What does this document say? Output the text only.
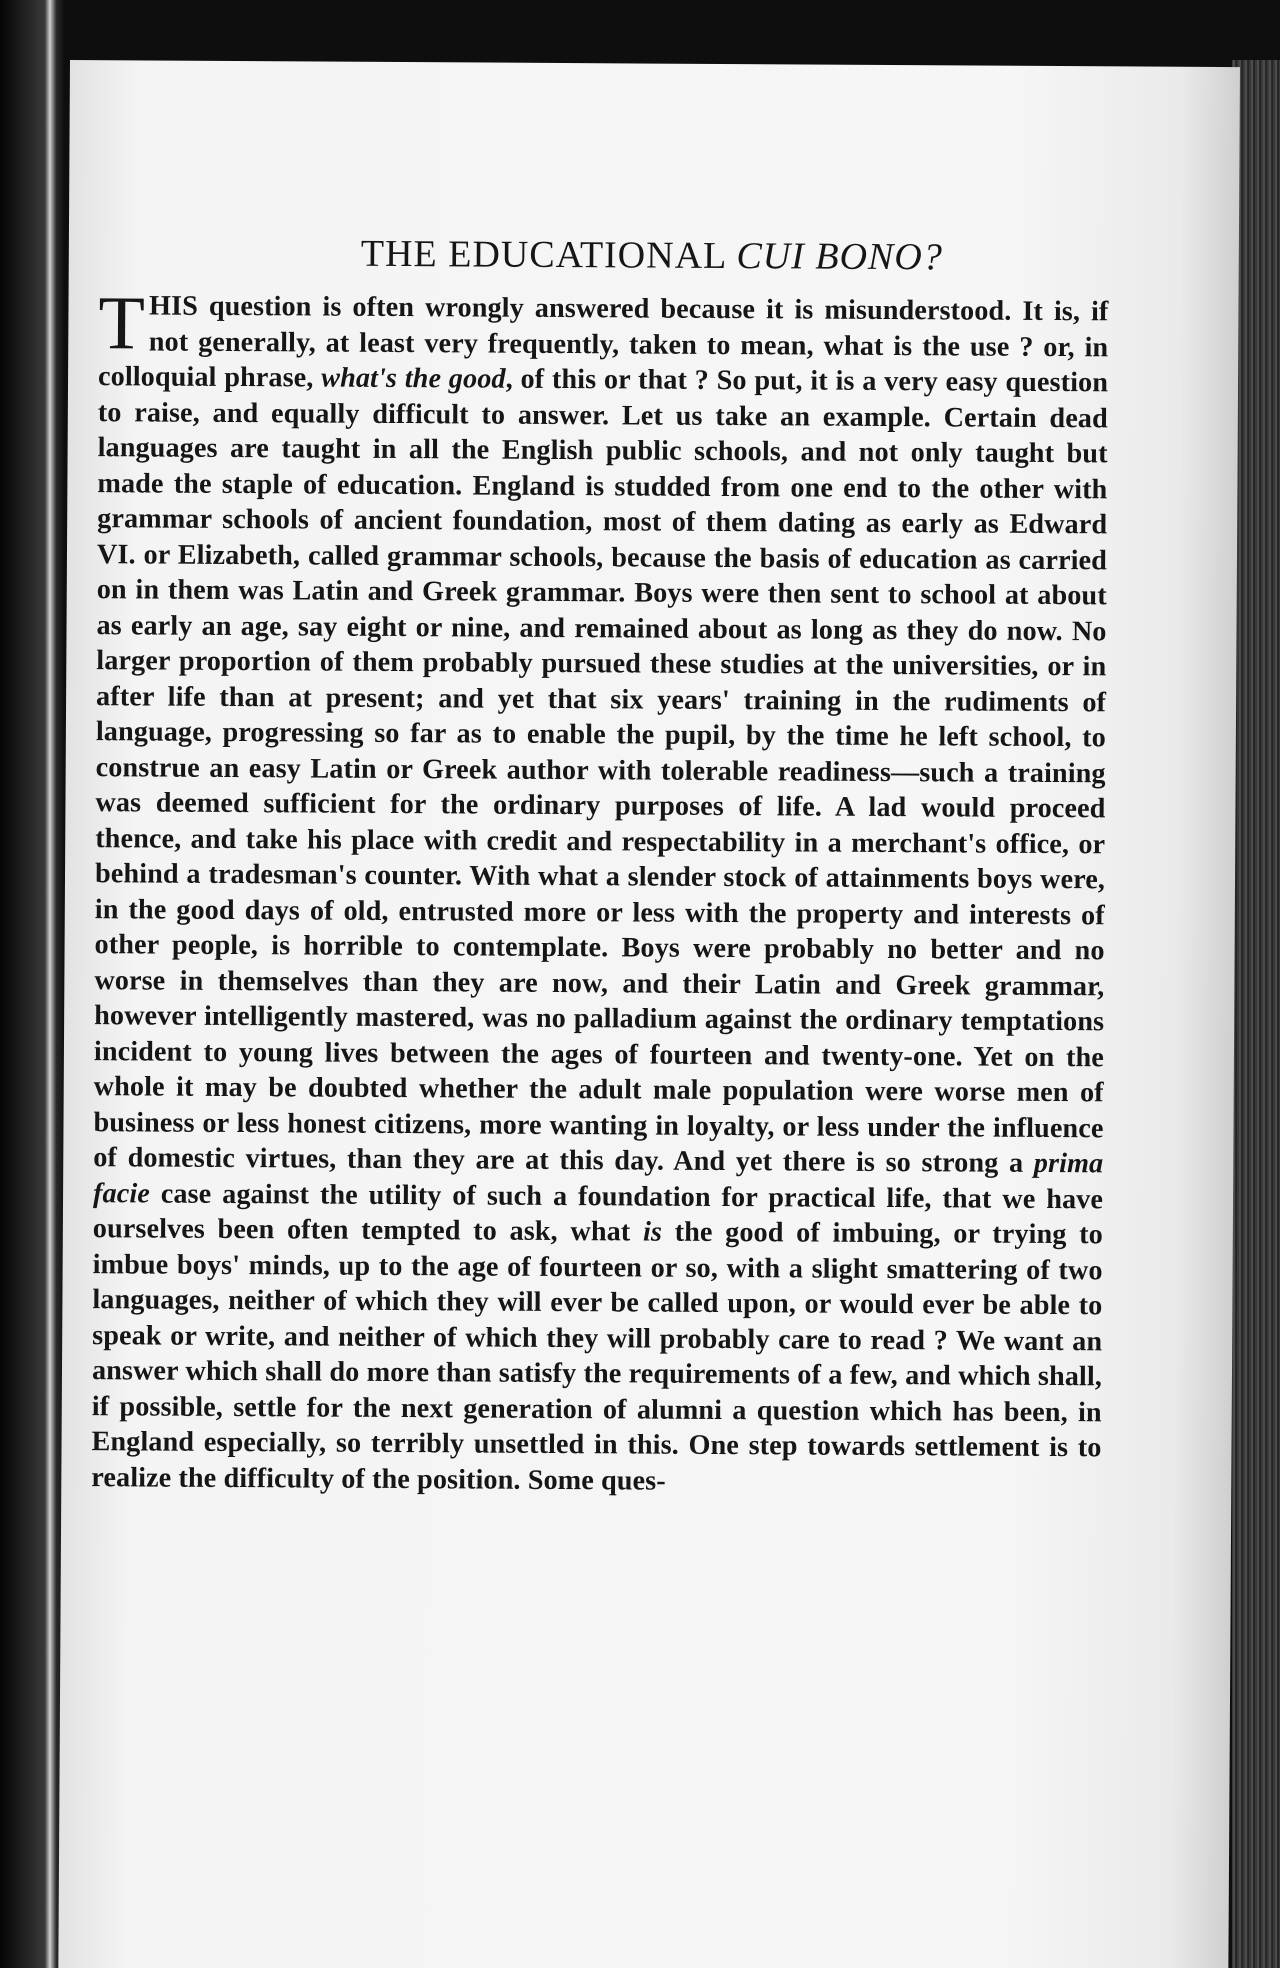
THE EDUCATIONAL CUI BONO?

THIS question is often wrongly answered because it is misunderstood. It is, if not generally, at least very frequently, taken to mean, what is the use ? or, in colloquial phrase, what's the good, of this or that ? So put, it is a very easy question to raise, and equally difficult to answer. Let us take an example. Certain dead languages are taught in all the English public schools, and not only taught but made the staple of education. England is studded from one end to the other with grammar schools of ancient foundation, most of them dating as early as Edward VI. or Elizabeth, called grammar schools, because the basis of education as carried on in them was Latin and Greek grammar. Boys were then sent to school at about as early an age, say eight or nine, and remained about as long as they do now. No larger proportion of them probably pursued these studies at the universities, or in after life than at present; and yet that six years' training in the rudiments of language, progressing so far as to enable the pupil, by the time he left school, to construe an easy Latin or Greek author with tolerable readiness—such a training was deemed sufficient for the ordinary purposes of life. A lad would proceed thence, and take his place with credit and respectability in a merchant's office, or behind a tradesman's counter. With what a slender stock of attainments boys were, in the good days of old, entrusted more or less with the property and interests of other people, is horrible to contemplate. Boys were probably no better and no worse in themselves than they are now, and their Latin and Greek grammar, however intelligently mastered, was no palladium against the ordinary temptations incident to young lives between the ages of fourteen and twenty-one. Yet on the whole it may be doubted whether the adult male population were worse men of business or less honest citizens, more wanting in loyalty, or less under the influence of domestic virtues, than they are at this day. And yet there is so strong a prima facie case against the utility of such a foundation for practical life, that we have ourselves been often tempted to ask, what is the good of imbuing, or trying to imbue boys' minds, up to the age of fourteen or so, with a slight smattering of two languages, neither of which they will ever be called upon, or would ever be able to speak or write, and neither of which they will probably care to read ? We want an answer which shall do more than satisfy the requirements of a few, and which shall, if possible, settle for the next generation of alumni a question which has been, in England especially, so terribly unsettled in this. One step towards settlement is to realize the difficulty of the position. Some ques-
